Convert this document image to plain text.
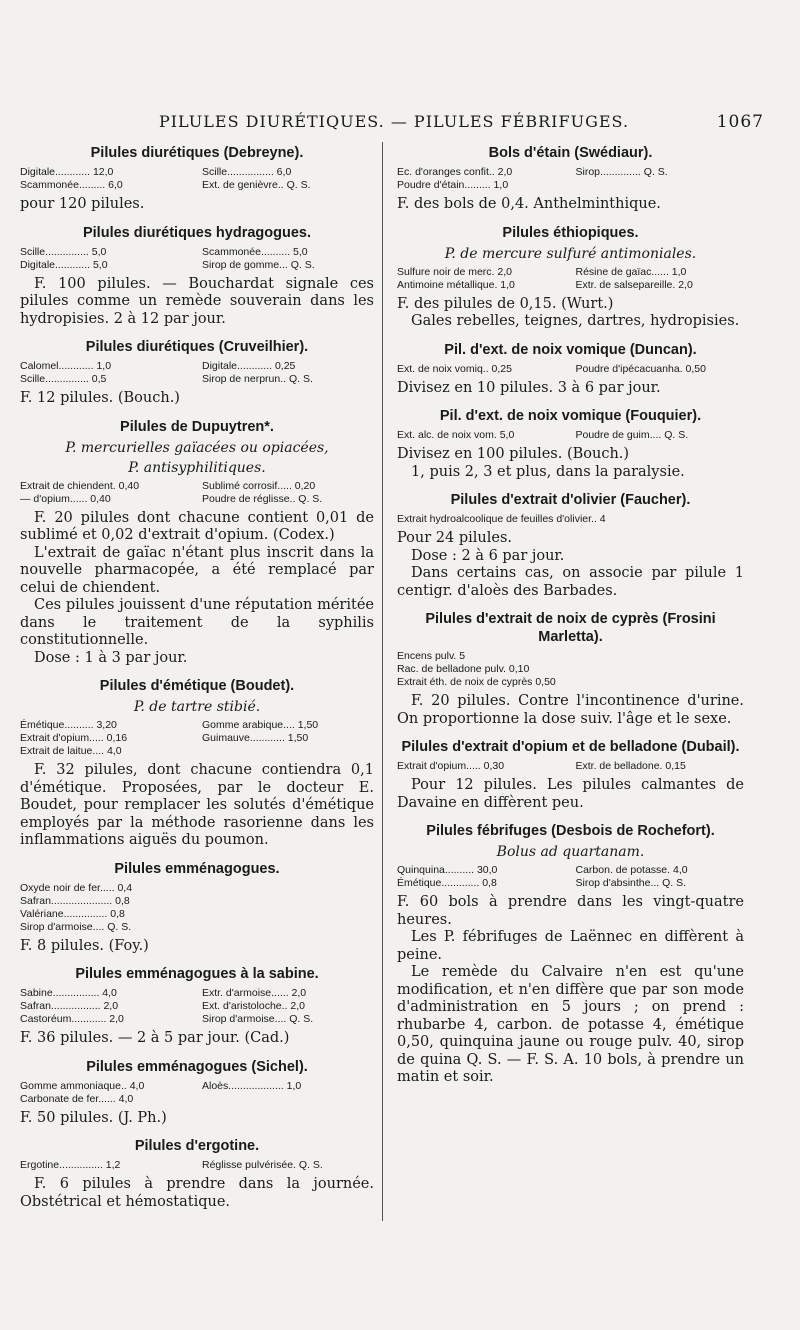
PILULES DIURÉTIQUES. — PILULES FÉBRIFUGES.	1067
Pilules diurétiques (Debreyne).
Digitale............ 12,0	Scille................ 6,0
Scammonée......... 6,0	Ext. de genièvre.. Q. S.

pour 120 pilules.

Pilules diurétiques hydragogues.
Scille............... 5,0	Scammonée.......... 5,0
Digitale............ 5,0	Sirop de gomme... Q. S.

F. 100 pilules. — Bouchardat signale ces pilules comme un remède souverain dans les hydropisies. 2 à 12 par jour.

Pilules diurétiques (Cruveilhier).
Calomel............ 1,0	Digitale............ 0,25
Scille............... 0,5	Sirop de nerprun.. Q. S.

F. 12 pilules. (Bouch.)

Pilules de Dupuytren*.
P. mercurielles gaïacées ou opiacées,
P. antisyphilitiques.
Extrait de chiendent. 0,40	Sublimé corrosif..... 0,20
— d'opium...... 0,40	Poudre de réglisse.. Q. S.

F. 20 pilules dont chacune contient 0,01 de sublimé et 0,02 d'extrait d'opium. (Codex.)

L'extrait de gaïac n'étant plus inscrit dans la nouvelle pharmacopée, a été remplacé par celui de chiendent.

Ces pilules jouissent d'une réputation méritée dans le traitement de la syphilis constitutionnelle.

Dose : 1 à 3 par jour.

Pilules d'émétique (Boudet).
P. de tartre stibié.
Émétique.......... 3,20	Gomme arabique.... 1,50
Extrait d'opium..... 0,16	Guimauve............ 1,50
Extrait de laitue.... 4,0

F. 32 pilules, dont chacune contiendra 0,1 d'émétique. Proposées, par le docteur E. Boudet, pour remplacer les solutés d'émétique employés par la méthode rasorienne dans les inflammations aiguës du poumon.

Pilules emménagogues.
Oxyde noir de fer..... 0,4
Safran..................... 0,8
Valériane............... 0,8
Sirop d'armoise.... Q. S.

F. 8 pilules. (Foy.)

Pilules emménagogues à la sabine.
Sabine................ 4,0	Extr. d'armoise...... 2,0
Safran................. 2,0	Ext. d'aristoloche.. 2,0
Castoréum............ 2,0	Sirop d'armoise.... Q. S.

F. 36 pilules. — 2 à 5 par jour. (Cad.)

Pilules emménagogues (Sichel).
Gomme ammoniaque.. 4,0	Aloès................... 1,0
Carbonate de fer...... 4,0

F. 50 pilules. (J. Ph.)

Pilules d'ergotine.
Ergotine............... 1,2	Réglisse pulvérisée. Q. S.

F. 6 pilules à prendre dans la journée. Obstétrical et hémostatique.

Bols d'étain (Swédiaur).
Ec. d'oranges confit.. 2,0	Sirop.............. Q. S.
Poudre d'étain......... 1,0

F. des bols de 0,4. Anthelminthique.

Pilules éthiopiques.
P. de mercure sulfuré antimoniales.
Sulfure noir de merc. 2,0	Résine de gaïac...... 1,0
Antimoine métallique. 1,0	Extr. de salsepareille. 2,0

F. des pilules de 0,15. (Wurt.)

Gales rebelles, teignes, dartres, hydropisies.

Pil. d'ext. de noix vomique (Duncan).
Ext. de noix vomiq.. 0,25	Poudre d'ipécacuanha. 0,50

Divisez en 10 pilules. 3 à 6 par jour.

Pil. d'ext. de noix vomique (Fouquier).
Ext. alc. de noix vom. 5,0	Poudre de guim.... Q. S.

Divisez en 100 pilules. (Bouch.)

1, puis 2, 3 et plus, dans la paralysie.

Pilules d'extrait d'olivier (Faucher).
Extrait hydroalcoolique de feuilles d'olivier.. 4

Pour 24 pilules.

Dose : 2 à 6 par jour.

Dans certains cas, on associe par pilule 1 centigr. d'aloès des Barbades.

Pilules d'extrait de noix de cyprès (Frosini Marletta).
Encens pulv. 5
Rac. de belladone pulv. 0,10
Extrait éth. de noix de cyprès 0,50

F. 20 pilules. Contre l'incontinence d'urine. On proportionne la dose suiv. l'âge et le sexe.

Pilules d'extrait d'opium et de belladone (Dubail).
Extrait d'opium..... 0,30	Extr. de belladone. 0,15

Pour 12 pilules. Les pilules calmantes de Davaine en diffèrent peu.

Pilules fébrifuges (Desbois de Rochefort).
Bolus ad quartanam.
Quinquina.......... 30,0	Carbon. de potasse. 4,0
Émétique............. 0,8	Sirop d'absinthe... Q. S.

F. 60 bols à prendre dans les vingt-quatre heures.

Les P. fébrifuges de Laënnec en diffèrent à peine.

Le remède du Calvaire n'en est qu'une modification, et n'en diffère que par son mode d'administration en 5 jours ; on prend : rhubarbe 4, carbon. de potasse 4, émétique 0,50, quinquina jaune ou rouge pulv. 40, sirop de quina Q. S. — F. S. A. 10 bols, à prendre un matin et soir.
